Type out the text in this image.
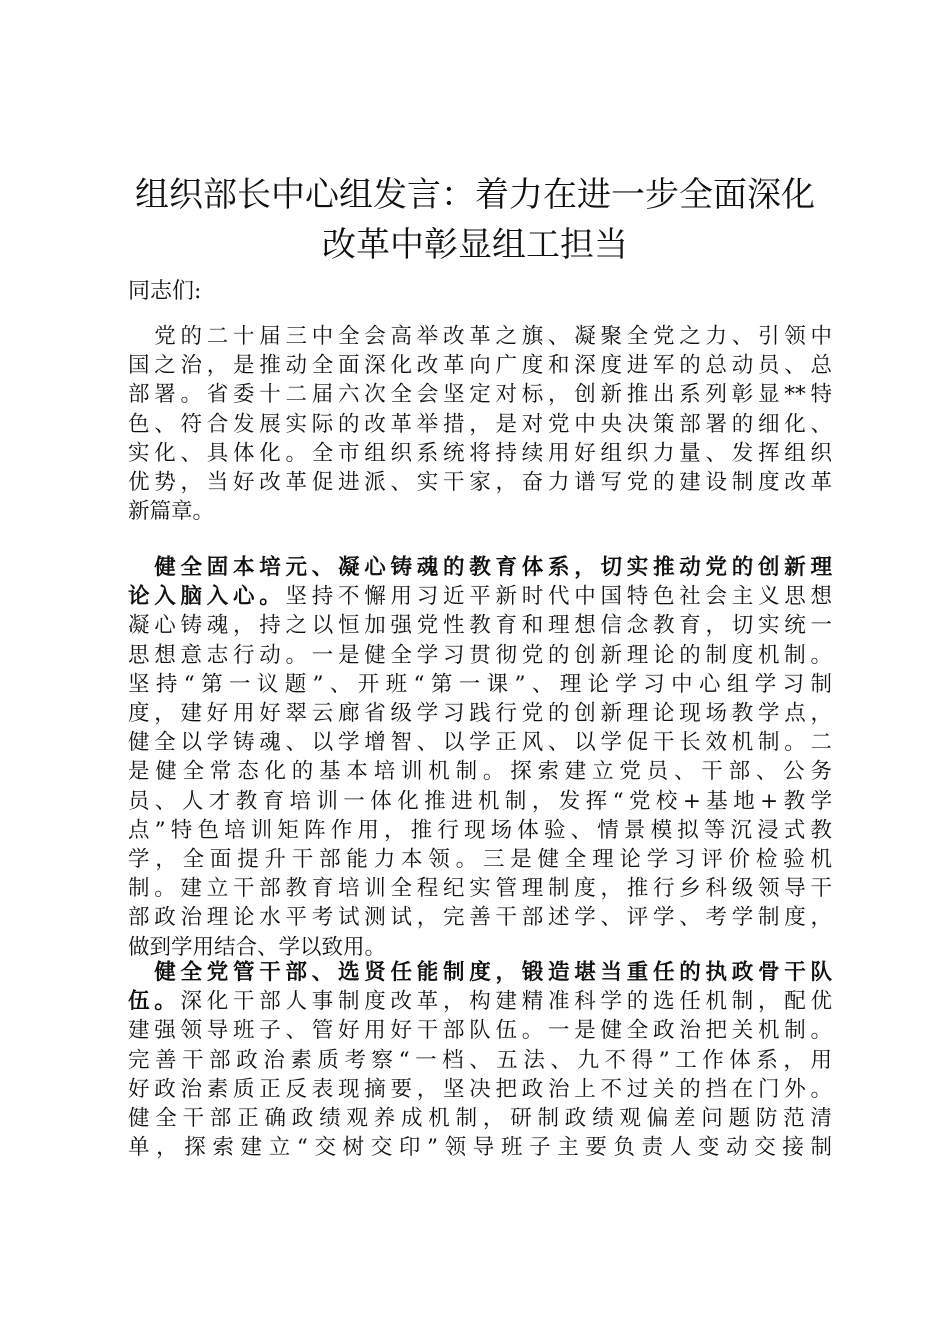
组织部长中心组发言：着力在进一步全面深化
改革中彰显组工担当

同志们:

　党的二十届三中全会高举改革之旗、凝聚全党之力、引领中
国之治，是推动全面深化改革向广度和深度进军的总动员、总
部署。省委十二届六次全会坚定对标，创新推出系列彰显**特
色、符合发展实际的改革举措，是对党中央决策部署的细化、
实化、具体化。全市组织系统将持续用好组织力量、发挥组织
优势，当好改革促进派、实干家，奋力谱写党的建设制度改革
新篇章。
　健全固本培元、凝心铸魂的教育体系，切实推动党的创新理
论入脑入心。坚持不懈用习近平新时代中国特色社会主义思想
凝心铸魂，持之以恒加强党性教育和理想信念教育，切实统一
思想意志行动。一是健全学习贯彻党的创新理论的制度机制。
坚持“第一议题”、开班“第一课”、理论学习中心组学习制
度，建好用好翠云廊省级学习践行党的创新理论现场教学点，
健全以学铸魂、以学增智、以学正风、以学促干长效机制。二
是健全常态化的基本培训机制。探索建立党员、干部、公务
员、人才教育培训一体化推进机制，发挥“党校+基地+教学
点”特色培训矩阵作用，推行现场体验、情景模拟等沉浸式教
学，全面提升干部能力本领。三是健全理论学习评价检验机
制。建立干部教育培训全程纪实管理制度，推行乡科级领导干
部政治理论水平考试测试，完善干部述学、评学、考学制度，
做到学用结合、学以致用。
　健全党管干部、选贤任能制度，锻造堪当重任的执政骨干队
伍。深化干部人事制度改革，构建精准科学的选任机制，配优
建强领导班子、管好用好干部队伍。一是健全政治把关机制。
完善干部政治素质考察“一档、五法、九不得”工作体系，用
好政治素质正反表现摘要，坚决把政治上不过关的挡在门外。
健全干部正确政绩观养成机制，研制政绩观偏差问题防范清
单，探索建立“交树交印”领导班子主要负责人变动交接制
